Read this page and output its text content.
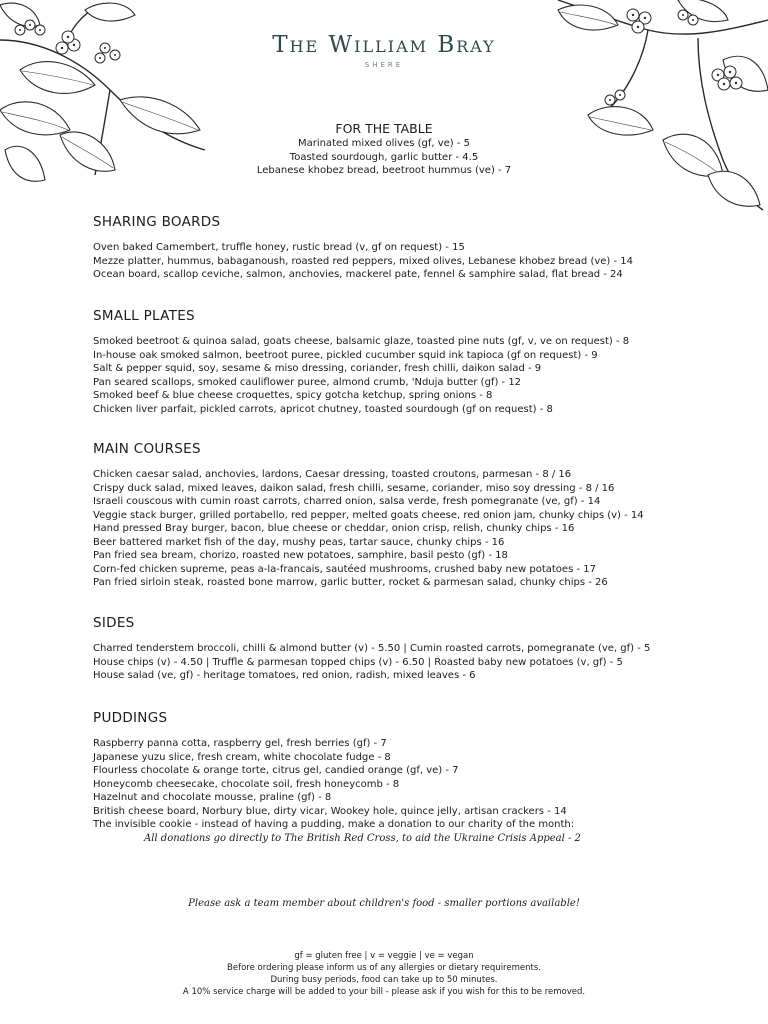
The William Bray
SHERE
FOR THE TABLE
Marinated mixed olives (gf, ve) - 5
Toasted sourdough, garlic butter - 4.5
Lebanese khobez bread, beetroot hummus (ve) - 7
SHARING BOARDS
Oven baked Camembert, truffle honey, rustic bread (v, gf on request) - 15
Mezze platter, hummus, babaganoush, roasted red peppers, mixed olives, Lebanese khobez bread (ve) - 14
Ocean board, scallop ceviche, salmon, anchovies, mackerel pate, fennel & samphire salad, flat bread - 24
SMALL PLATES
Smoked beetroot & quinoa salad, goats cheese, balsamic glaze, toasted pine nuts (gf, v, ve on request) - 8
In-house oak smoked salmon, beetroot puree, pickled cucumber squid ink tapioca (gf on request) - 9
Salt & pepper squid, soy, sesame & miso dressing, coriander, fresh chilli, daikon salad - 9
Pan seared scallops, smoked cauliflower puree, almond crumb, 'Nduja butter (gf) - 12
Smoked beef & blue cheese croquettes, spicy gotcha ketchup, spring onions - 8
Chicken liver parfait, pickled carrots, apricot chutney, toasted sourdough (gf on request) - 8
MAIN COURSES
Chicken caesar salad, anchovies, lardons, Caesar dressing, toasted croutons, parmesan - 8 / 16
Crispy duck salad, mixed leaves, daikon salad, fresh chilli, sesame, coriander, miso soy dressing - 8 / 16
Israeli couscous with cumin roast carrots, charred onion, salsa verde, fresh pomegranate (ve, gf) - 14
Veggie stack burger, grilled portabello, red pepper, melted goats cheese, red onion jam, chunky chips (v) - 14
Hand pressed Bray burger, bacon, blue cheese or cheddar, onion crisp, relish, chunky chips - 16
Beer battered market fish of the day, mushy peas, tartar sauce, chunky chips - 16
Pan fried sea bream, chorizo, roasted new potatoes, samphire, basil pesto (gf) - 18
Corn-fed chicken supreme, peas a-la-francais, sautéed mushrooms, crushed baby new potatoes - 17
Pan fried sirloin steak, roasted bone marrow, garlic butter, rocket & parmesan salad, chunky chips - 26
SIDES
Charred tenderstem broccoli, chilli & almond butter (v) - 5.50 | Cumin roasted carrots, pomegranate (ve, gf) - 5
House chips (v) - 4.50 | Truffle & parmesan topped chips (v) - 6.50 | Roasted baby new potatoes (v, gf) - 5
House salad (ve, gf) - heritage tomatoes, red onion, radish, mixed leaves - 6
PUDDINGS
Raspberry panna cotta, raspberry gel, fresh berries (gf) - 7
Japanese yuzu slice, fresh cream, white chocolate fudge - 8
Flourless chocolate & orange torte, citrus gel, candied orange (gf, ve) - 7
Honeycomb cheesecake, chocolate soil, fresh honeycomb - 8
Hazelnut and chocolate mousse, praline (gf) - 8
British cheese board, Norbury blue, dirty vicar, Wookey hole, quince jelly, artisan crackers - 14
The invisible cookie - instead of having a pudding, make a donation to our charity of the month:
All donations go directly to The British Red Cross, to aid the Ukraine Crisis Appeal - 2
Please ask a team member about children's food - smaller portions available!
gf = gluten free | v = veggie | ve = vegan
Before ordering please inform us of any allergies or dietary requirements.
During busy periods, food can take up to 50 minutes.
A 10% service charge will be added to your bill - please ask if you wish for this to be removed.
